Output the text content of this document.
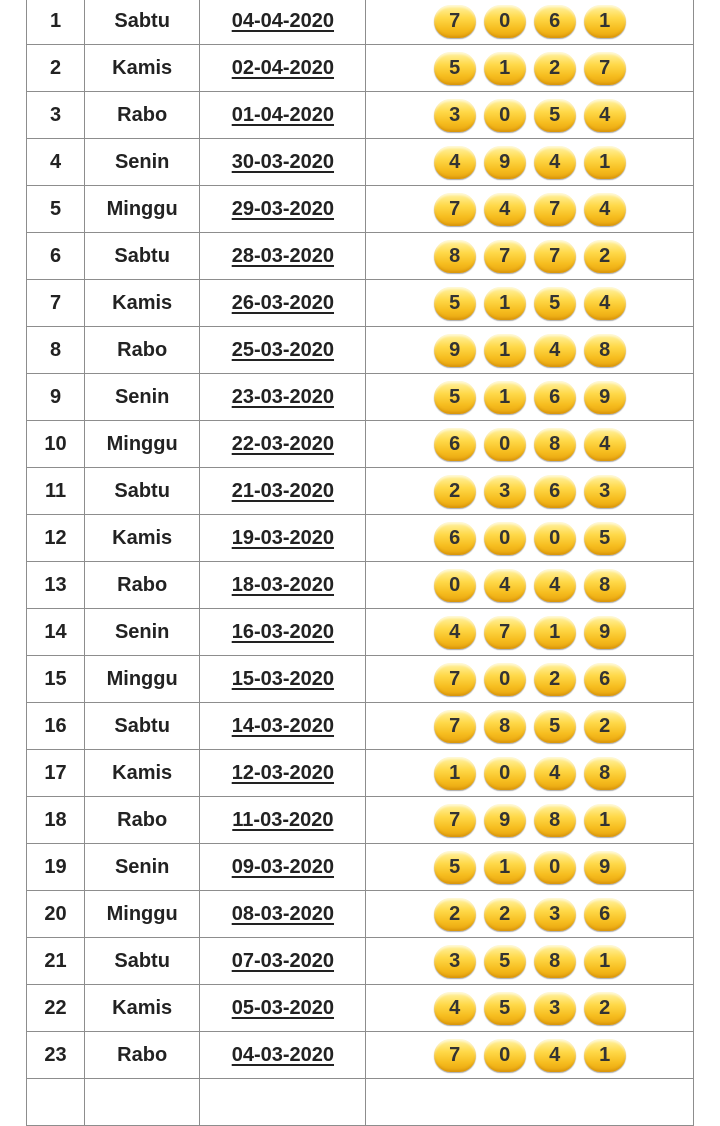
1	Sabtu	04-04-2020	7 0 6 1

2	Kamis	02-04-2020	5 1 2 7

3	Rabo	01-04-2020	3 0 5 4

4	Senin	30-03-2020	4 9 4 1

5	Minggu	29-03-2020	7 4 7 4

6	Sabtu	28-03-2020	8 7 7 2

7	Kamis	26-03-2020	5 1 5 4

8	Rabo	25-03-2020	9 1 4 8

9	Senin	23-03-2020	5 1 6 9

10	Minggu	22-03-2020	6 0 8 4

11	Sabtu	21-03-2020	2 3 6 3

12	Kamis	19-03-2020	6 0 0 5

13	Rabo	18-03-2020	0 4 4 8

14	Senin	16-03-2020	4 7 1 9

15	Minggu	15-03-2020	7 0 2 6

16	Sabtu	14-03-2020	7 8 5 2

17	Kamis	12-03-2020	1 0 4 8

18	Rabo	11-03-2020	7 9 8 1

19	Senin	09-03-2020	5 1 0 9

20	Minggu	08-03-2020	2 2 3 6

21	Sabtu	07-03-2020	3 5 8 1

22	Kamis	05-03-2020	4 5 3 2

23	Rabo	04-03-2020	7 0 4 1
